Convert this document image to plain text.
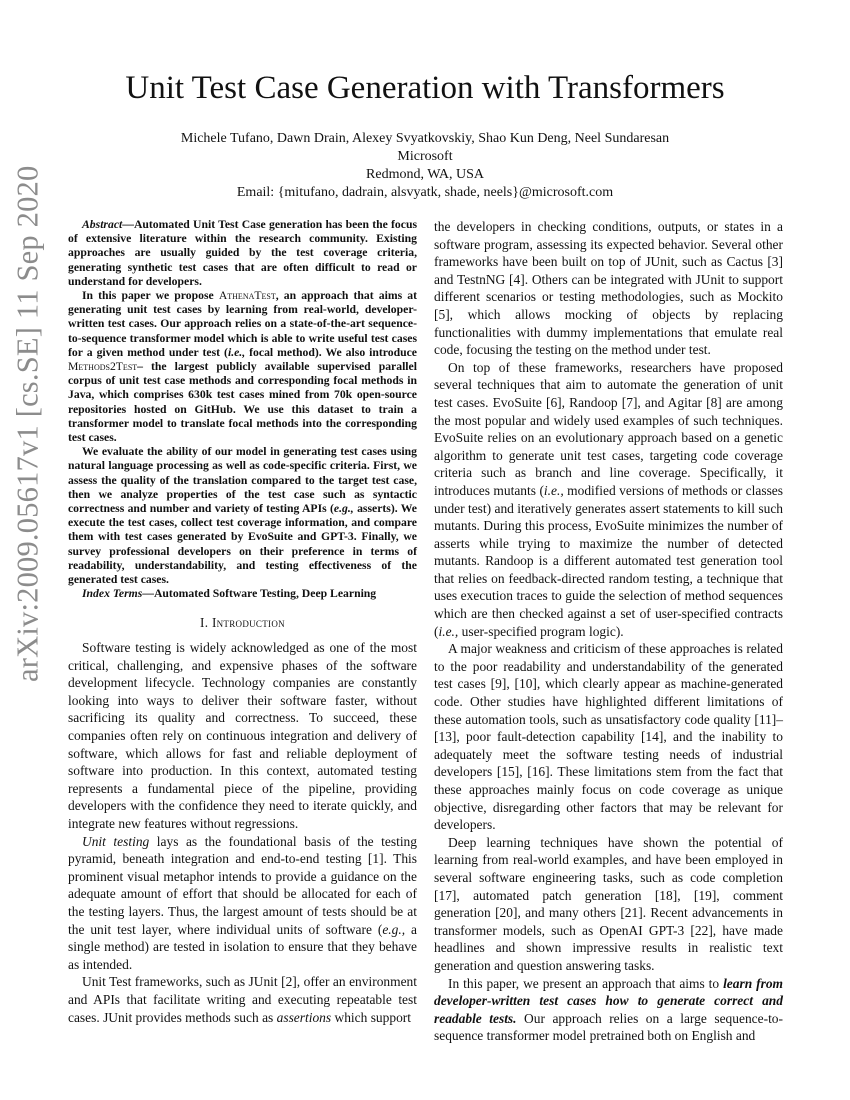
arXiv:2009.05617v1 [cs.SE] 11 Sep 2020
Unit Test Case Generation with Transformers
Michele Tufano, Dawn Drain, Alexey Svyatkovskiy, Shao Kun Deng, Neel Sundaresan
Microsoft
Redmond, WA, USA
Email: {mitufano, dadrain, alsvyatk, shade, neels}@microsoft.com

Abstract—Automated Unit Test Case generation has been the focus of extensive literature within the research community. Existing approaches are usually guided by the test coverage criteria, generating synthetic test cases that are often difficult to read or understand for developers.

In this paper we propose AthenaTest, an approach that aims at generating unit test cases by learning from real-world, developer-written test cases. Our approach relies on a state-of-the-art sequence-to-sequence transformer model which is able to write useful test cases for a given method under test (i.e., focal method). We also introduce Methods2Test– the largest publicly available supervised parallel corpus of unit test case methods and corresponding focal methods in Java, which comprises 630k test cases mined from 70k open-source repositories hosted on GitHub. We use this dataset to train a transformer model to translate focal methods into the corresponding test cases.

We evaluate the ability of our model in generating test cases using natural language processing as well as code-specific criteria. First, we assess the quality of the translation compared to the target test case, then we analyze properties of the test case such as syntactic correctness and number and variety of testing APIs (e.g., asserts). We execute the test cases, collect test coverage information, and compare them with test cases generated by EvoSuite and GPT-3. Finally, we survey professional developers on their preference in terms of readability, understandability, and testing effectiveness of the generated test cases.

Index Terms—Automated Software Testing, Deep Learning

I. Introduction

Software testing is widely acknowledged as one of the most critical, challenging, and expensive phases of the software development lifecycle. Technology companies are constantly looking into ways to deliver their software faster, without sacrificing its quality and correctness. To succeed, these companies often rely on continuous integration and delivery of software, which allows for fast and reliable deployment of software into production. In this context, automated testing represents a fundamental piece of the pipeline, providing developers with the confidence they need to iterate quickly, and integrate new features without regressions.

Unit testing lays as the foundational basis of the testing pyramid, beneath integration and end-to-end testing [1]. This prominent visual metaphor intends to provide a guidance on the adequate amount of effort that should be allocated for each of the testing layers. Thus, the largest amount of tests should be at the unit test layer, where individual units of software (e.g., a single method) are tested in isolation to ensure that they behave as intended.

Unit Test frameworks, such as JUnit [2], offer an environment and APIs that facilitate writing and executing repeatable test cases. JUnit provides methods such as assertions which support

the developers in checking conditions, outputs, or states in a software program, assessing its expected behavior. Several other frameworks have been built on top of JUnit, such as Cactus [3] and TestnNG [4]. Others can be integrated with JUnit to support different scenarios or testing methodologies, such as Mockito [5], which allows mocking of objects by replacing functionalities with dummy implementations that emulate real code, focusing the testing on the method under test.

On top of these frameworks, researchers have proposed several techniques that aim to automate the generation of unit test cases. EvoSuite [6], Randoop [7], and Agitar [8] are among the most popular and widely used examples of such techniques. EvoSuite relies on an evolutionary approach based on a genetic algorithm to generate unit test cases, targeting code coverage criteria such as branch and line coverage. Specifically, it introduces mutants (i.e., modified versions of methods or classes under test) and iteratively generates assert statements to kill such mutants. During this process, EvoSuite minimizes the number of asserts while trying to maximize the number of detected mutants. Randoop is a different automated test generation tool that relies on feedback-directed random testing, a technique that uses execution traces to guide the selection of method sequences which are then checked against a set of user-specified contracts (i.e., user-specified program logic).

A major weakness and criticism of these approaches is related to the poor readability and understandability of the generated test cases [9], [10], which clearly appear as machine-generated code. Other studies have highlighted different limitations of these automation tools, such as unsatisfactory code quality [11]–[13], poor fault-detection capability [14], and the inability to adequately meet the software testing needs of industrial developers [15], [16]. These limitations stem from the fact that these approaches mainly focus on code coverage as unique objective, disregarding other factors that may be relevant for developers.

Deep learning techniques have shown the potential of learning from real-world examples, and have been employed in several software engineering tasks, such as code completion [17], automated patch generation [18], [19], comment generation [20], and many others [21]. Recent advancements in transformer models, such as OpenAI GPT-3 [22], have made headlines and shown impressive results in realistic text generation and question answering tasks.

In this paper, we present an approach that aims to learn from developer-written test cases how to generate correct and readable tests. Our approach relies on a large sequence-to-sequence transformer model pretrained both on English and
